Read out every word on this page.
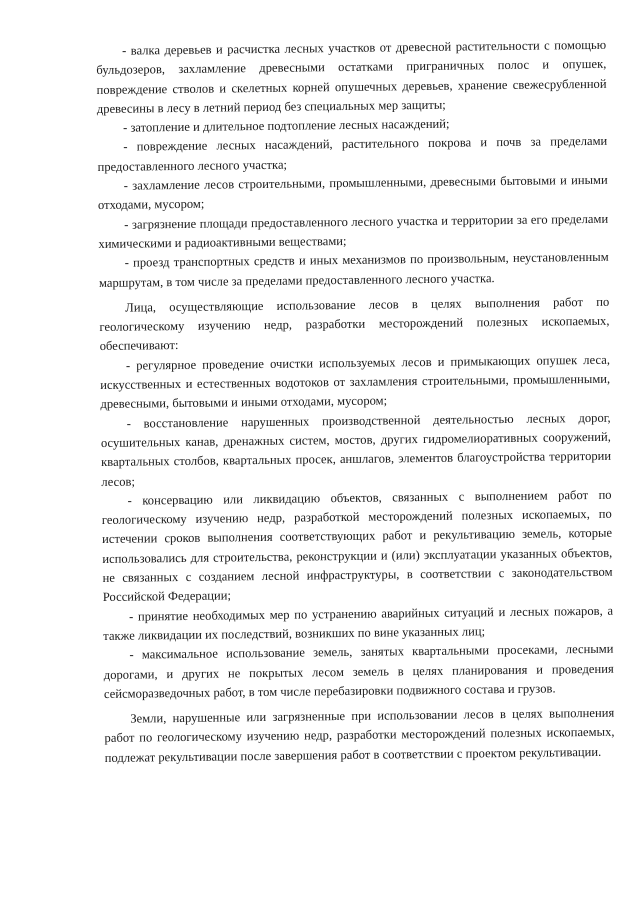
- валка деревьев и расчистка лесных участков от древесной растительности с помощью бульдозеров, захламление древесными остатками приграничных полос и опушек, повреждение стволов и скелетных корней опушечных деревьев, хранение свежесрубленной древесины в лесу в летний период без специальных мер защиты;

- затопление и длительное подтопление лесных насаждений;

- повреждение лесных насаждений, растительного покрова и почв за пределами предоставленного лесного участка;

- захламление лесов строительными, промышленными, древесными бытовыми и иными отходами, мусором;

- загрязнение площади предоставленного лесного участка и территории за его пределами химическими и радиоактивными веществами;

- проезд транспортных средств и иных механизмов по произвольным, неустановленным маршрутам, в том числе за пределами предоставленного лесного участка.

Лица, осуществляющие использование лесов в целях выполнения работ по геологическому изучению недр, разработки месторождений полезных ископаемых, обеспечивают:

- регулярное проведение очистки используемых лесов и примыкающих опушек леса, искусственных и естественных водотоков от захламления строительными, промышленными, древесными, бытовыми и иными отходами, мусором;

- восстановление нарушенных производственной деятельностью лесных дорог, осушительных канав, дренажных систем, мостов, других гидромелиоративных сооружений, квартальных столбов, квартальных просек, аншлагов, элементов благоустройства территории лесов;

- консервацию или ликвидацию объектов, связанных с выполнением работ по геологическому изучению недр, разработкой месторождений полезных ископаемых, по истечении сроков выполнения соответствующих работ и рекультивацию земель, которые использовались для строительства, реконструкции и (или) эксплуатации указанных объектов, не связанных с созданием лесной инфраструктуры, в соответствии с законодательством Российской Федерации;

- принятие необходимых мер по устранению аварийных ситуаций и лесных пожаров, а также ликвидации их последствий, возникших по вине указанных лиц;

- максимальное использование земель, занятых квартальными просеками, лесными дорогами, и других не покрытых лесом земель в целях планирования и проведения сейсморазведочных работ, в том числе перебазировки подвижного состава и грузов.

Земли, нарушенные или загрязненные при использовании лесов в целях выполнения работ по геологическому изучению недр, разработки месторождений полезных ископаемых, подлежат рекультивации после завершения работ в соответствии с проектом рекультивации.
